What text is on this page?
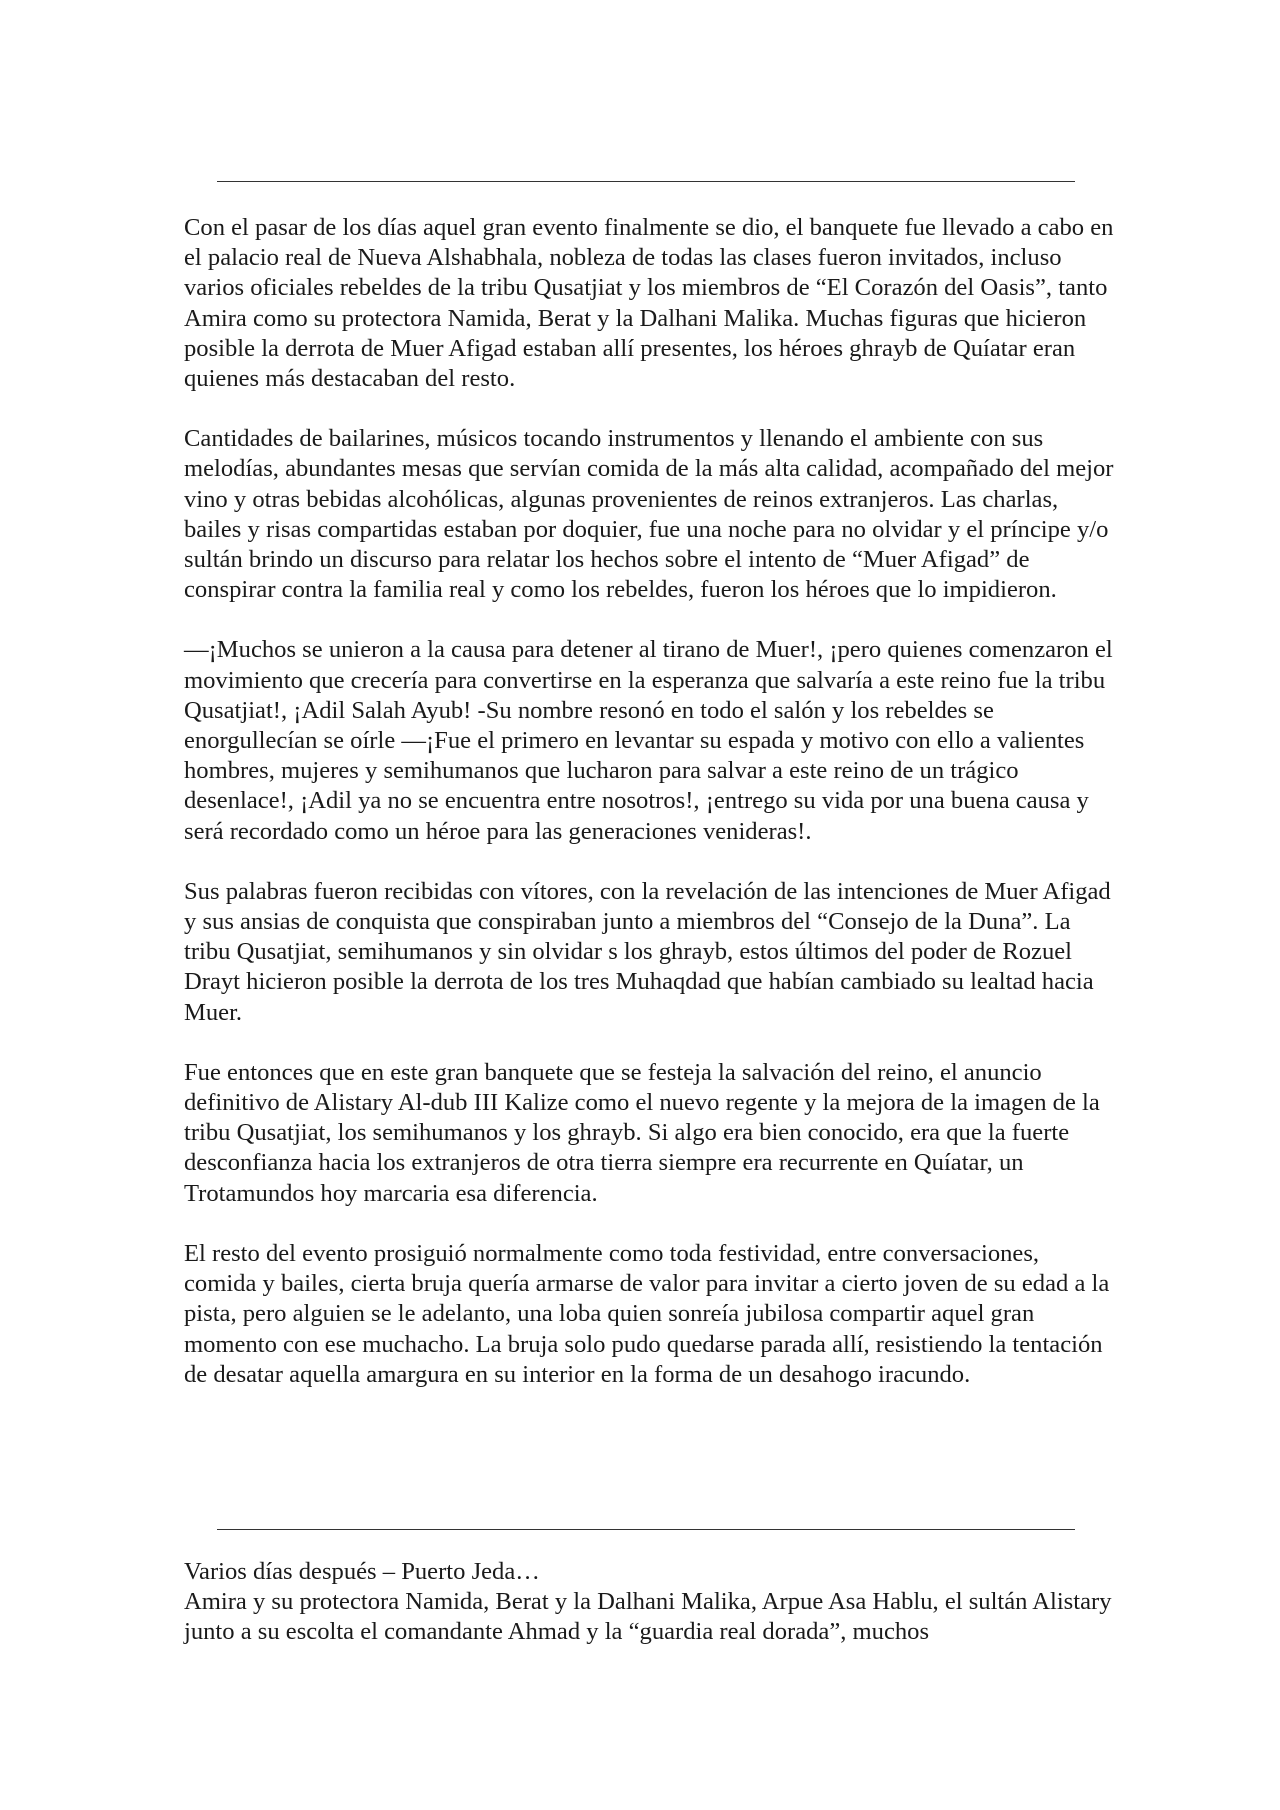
Con el pasar de los días aquel gran evento finalmente se dio, el banquete fue llevado a cabo en el palacio real de Nueva Alshabhala, nobleza de todas las clases fueron invitados, incluso varios oficiales rebeldes de la tribu Qusatjiat y los miembros de “El Corazón del Oasis”, tanto Amira como su protectora Namida, Berat y la Dalhani Malika. Muchas figuras que hicieron posible la derrota de Muer Afigad estaban allí presentes, los héroes ghrayb de Quíatar eran quienes más destacaban del resto.

Cantidades de bailarines, músicos tocando instrumentos y llenando el ambiente con sus melodías, abundantes mesas que servían comida de la más alta calidad, acompañado del mejor vino y otras bebidas alcohólicas, algunas provenientes de reinos extranjeros. Las charlas, bailes y risas compartidas estaban por doquier, fue una noche para no olvidar y el príncipe y/o sultán brindo un discurso para relatar los hechos sobre el intento de “Muer Afigad” de conspirar contra la familia real y como los rebeldes, fueron los héroes que lo impidieron.

—¡Muchos se unieron a la causa para detener al tirano de Muer!, ¡pero quienes comenzaron el movimiento que crecería para convertirse en la esperanza que salvaría a este reino fue la tribu Qusatjiat!, ¡Adil Salah Ayub! -Su nombre resonó en todo el salón y los rebeldes se enorgullecían se oírle —¡Fue el primero en levantar su espada y motivo con ello a valientes hombres, mujeres y semihumanos que lucharon para salvar a este reino de un trágico desenlace!, ¡Adil ya no se encuentra entre nosotros!, ¡entrego su vida por una buena causa y será recordado como un héroe para las generaciones venideras!.

Sus palabras fueron recibidas con vítores, con la revelación de las intenciones de Muer Afigad y sus ansias de conquista que conspiraban junto a miembros del “Consejo de la Duna”. La tribu Qusatjiat, semihumanos y sin olvidar s los ghrayb, estos últimos del poder de Rozuel Drayt hicieron posible la derrota de los tres Muhaqdad que habían cambiado su lealtad hacia Muer.

Fue entonces que en este gran banquete que se festeja la salvación del reino, el anuncio definitivo de Alistary Al-dub III Kalize como el nuevo regente y la mejora de la imagen de la tribu Qusatjiat, los semihumanos y los ghrayb. Si algo era bien conocido, era que la fuerte desconfianza hacia los extranjeros de otra tierra siempre era recurrente en Quíatar, un Trotamundos hoy marcaria esa diferencia.

El resto del evento prosiguió normalmente como toda festividad, entre conversaciones, comida y bailes, cierta bruja quería armarse de valor para invitar a cierto joven de su edad a la pista, pero alguien se le adelanto, una loba quien sonreía jubilosa compartir aquel gran momento con ese muchacho. La bruja solo pudo quedarse parada allí, resistiendo la tentación de desatar aquella amargura en su interior en la forma de un desahogo iracundo.

Varios días después – Puerto Jeda…

Amira y su protectora Namida, Berat y la Dalhani Malika, Arpue Asa Hablu, el sultán Alistary junto a su escolta el comandante Ahmad y la “guardia real dorada”, muchos
